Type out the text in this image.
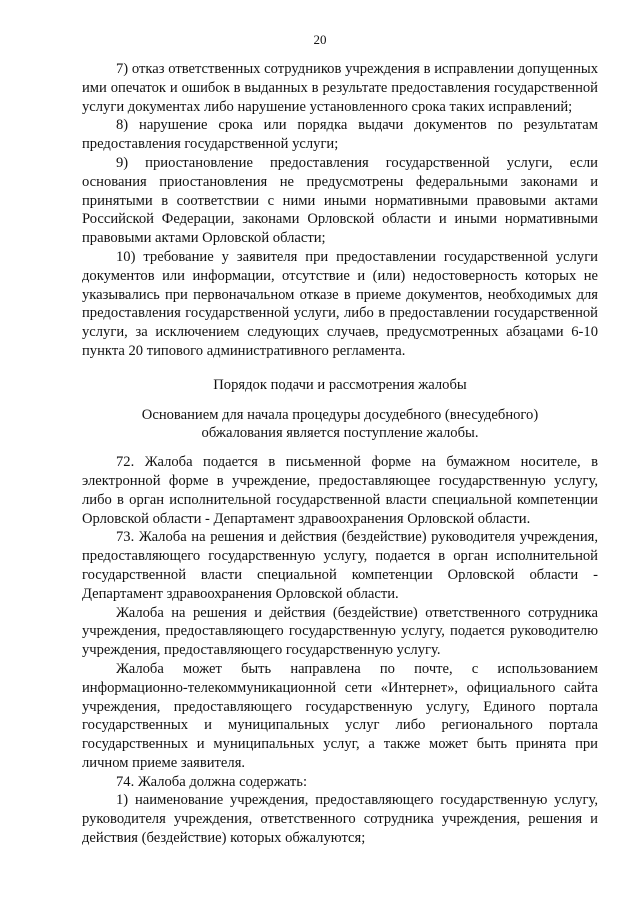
20

7) отказ ответственных сотрудников учреждения в исправлении допущенных ими опечаток и ошибок в выданных в результате предоставления государственной услуги документах либо нарушение установленного срока таких исправлений;

8) нарушение срока или порядка выдачи документов по результатам предоставления государственной услуги;

9) приостановление предоставления государственной услуги, если основания приостановления не предусмотрены федеральными законами и принятыми в соответствии с ними иными нормативными правовыми актами Российской Федерации, законами Орловской области и иными нормативными правовыми актами Орловской области;

10) требование у заявителя при предоставлении государственной услуги документов или информации, отсутствие и (или) недостоверность которых не указывались при первоначальном отказе в приеме документов, необходимых для предоставления государственной услуги, либо в предоставлении государственной услуги, за исключением следующих случаев, предусмотренных абзацами 6-10 пункта 20 типового административного регламента.

Порядок подачи и рассмотрения жалобы

Основанием для начала процедуры досудебного (внесудебного)

обжалования является поступление жалобы.

72. Жалоба подается в письменной форме на бумажном носителе, в электронной форме в учреждение, предоставляющее государственную услугу, либо в орган исполнительной государственной власти специальной компетенции Орловской области - Департамент здравоохранения Орловской области.

73. Жалоба на решения и действия (бездействие) руководителя учреждения, предоставляющего государственную услугу, подается в орган исполнительной государственной власти специальной компетенции Орловской области - Департамент здравоохранения Орловской области.

Жалоба на решения и действия (бездействие) ответственного сотрудника учреждения, предоставляющего государственную услугу, подается руководителю учреждения, предоставляющего государственную услугу.

Жалоба может быть направлена по почте, с использованием информационно-телекоммуникационной сети «Интернет», официального сайта учреждения, предоставляющего государственную услугу, Единого портала государственных и муниципальных услуг либо регионального портала государственных и муниципальных услуг, а также может быть принята при личном приеме заявителя.

74. Жалоба должна содержать:

1) наименование учреждения, предоставляющего государственную услугу, руководителя учреждения, ответственного сотрудника учреждения, решения и действия (бездействие) которых обжалуются;
